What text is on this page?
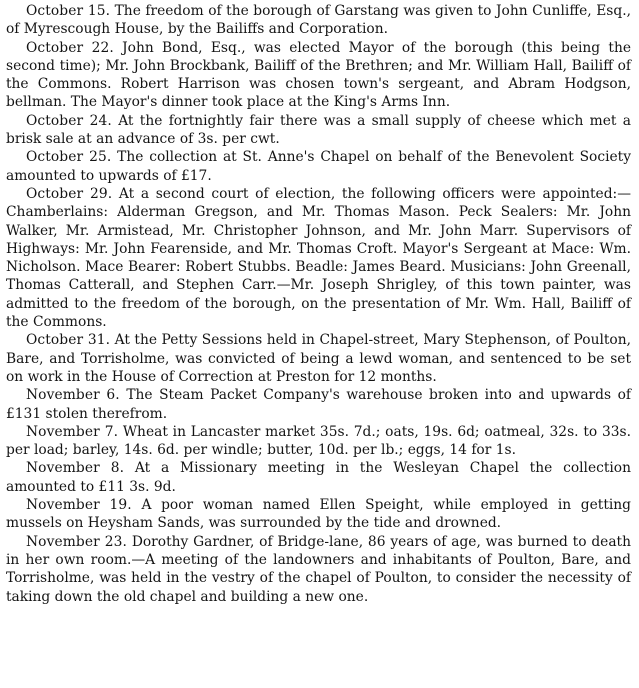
October 15. The freedom of the borough of Garstang was given to John Cunliffe, Esq., of Myrescough House, by the Bailiffs and Corporation.

October 22. John Bond, Esq., was elected Mayor of the borough (this being the second time); Mr. John Brockbank, Bailiff of the Brethren; and Mr. William Hall, Bailiff of the Commons. Robert Harrison was chosen town's sergeant, and Abram Hodgson, bellman. The Mayor's dinner took place at the King's Arms Inn.

October 24. At the fortnightly fair there was a small supply of cheese which met a brisk sale at an advance of 3s. per cwt.

October 25. The collection at St. Anne's Chapel on behalf of the Benevolent Society amounted to upwards of £17.

October 29. At a second court of election, the following officers were appointed:—Chamberlains: Alderman Gregson, and Mr. Thomas Mason. Peck Sealers: Mr. John Walker, Mr. Armistead, Mr. Christopher Johnson, and Mr. John Marr. Supervisors of Highways: Mr. John Fearenside, and Mr. Thomas Croft. Mayor's Sergeant at Mace: Wm. Nicholson. Mace Bearer: Robert Stubbs. Beadle: James Beard. Musicians: John Greenall, Thomas Catterall, and Stephen Carr.—Mr. Joseph Shrigley, of this town painter, was admitted to the freedom of the borough, on the presentation of Mr. Wm. Hall, Bailiff of the Commons.

October 31. At the Petty Sessions held in Chapel-street, Mary Stephenson, of Poulton, Bare, and Torrisholme, was convicted of being a lewd woman, and sentenced to be set on work in the House of Correction at Preston for 12 months.

November 6. The Steam Packet Company's warehouse broken into and upwards of £131 stolen therefrom.

November 7. Wheat in Lancaster market 35s. 7d.; oats, 19s. 6d; oatmeal, 32s. to 33s. per load; barley, 14s. 6d. per windle; butter, 10d. per lb.; eggs, 14 for 1s.

November 8. At a Missionary meeting in the Wesleyan Chapel the collection amounted to £11 3s. 9d.

November 19. A poor woman named Ellen Speight, while employed in getting mussels on Heysham Sands, was surrounded by the tide and drowned.

November 23. Dorothy Gardner, of Bridge-lane, 86 years of age, was burned to death in her own room.—A meeting of the landowners and inhabitants of Poulton, Bare, and Torrisholme, was held in the vestry of the chapel of Poulton, to consider the necessity of taking down the old chapel and building a new one.
